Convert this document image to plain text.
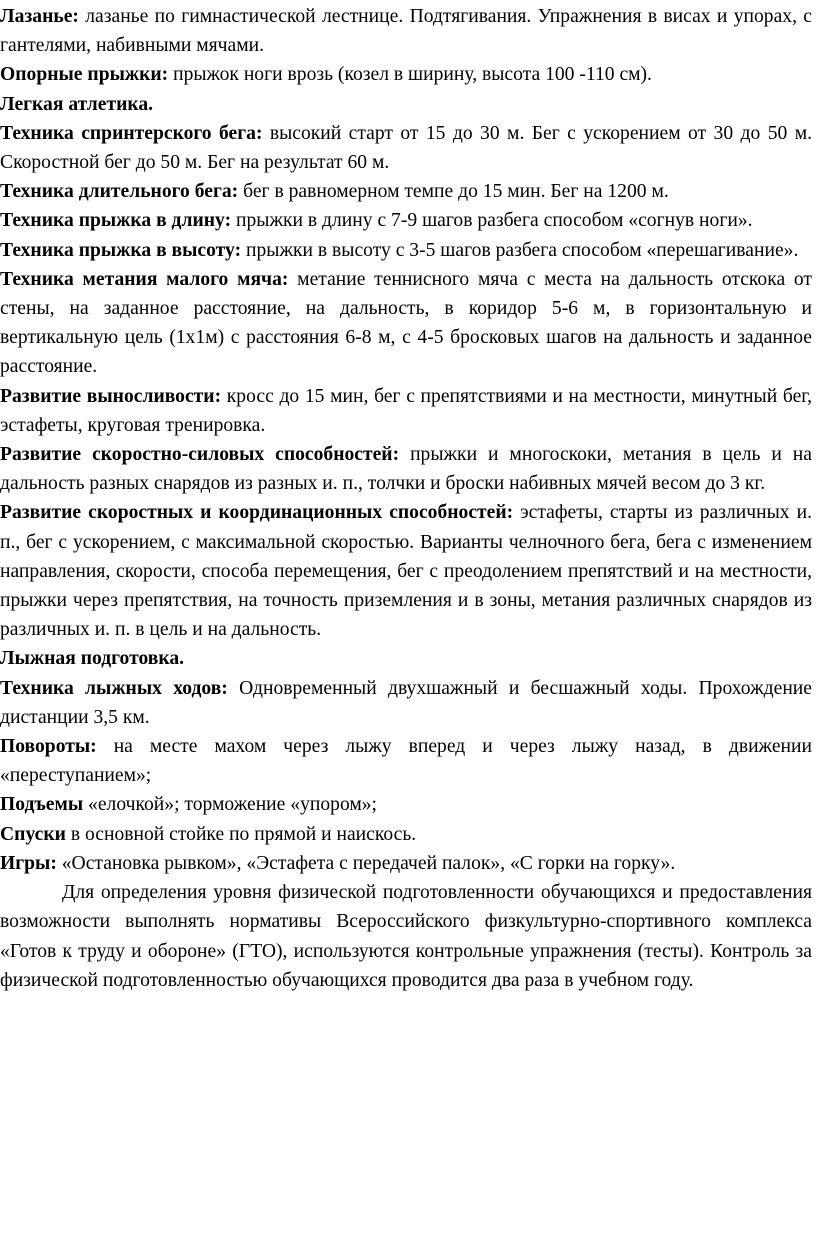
Лазанье: лазанье по гимнастической лестнице. Подтягивания. Упражнения в висах и упорах, с гантелями, набивными мячами.

Опорные прыжки: прыжок ноги врозь (козел в ширину, высота 100 -110 см).

Легкая атлетика.

Техника спринтерского бега: высокий старт от 15 до 30 м. Бег с ускорением от 30 до 50 м. Скоростной бег до 50 м. Бег на результат 60 м.

Техника длительного бега: бег в равномерном темпе до 15 мин. Бег на 1200 м.

Техника прыжка в длину: прыжки в длину с 7-9 шагов разбега способом «согнув ноги».

Техника прыжка в высоту: прыжки в высоту с 3-5 шагов разбега способом «перешагивание».

Техника метания малого мяча: метание теннисного мяча с места на дальность отскока от стены, на заданное расстояние, на дальность, в коридор 5-6 м, в горизонтальную и вертикальную цель (1х1м) с расстояния 6-8 м, с 4-5 бросковых шагов на дальность и заданное расстояние.

Развитие выносливости: кросс до 15 мин, бег с препятствиями и на местности, минутный бег, эстафеты, круговая тренировка.

Развитие скоростно-силовых способностей: прыжки и многоскоки, метания в цель и на дальность разных снарядов из разных и. п., толчки и броски набивных мячей весом до 3 кг.

Развитие скоростных и координационных способностей: эстафеты, старты из различных и. п., бег с ускорением, с максимальной скоростью. Варианты челночного бега, бега с изменением направления, скорости, способа перемещения, бег с преодолением препятствий и на местности, прыжки через препятствия, на точность приземления и в зоны, метания различных снарядов из различных и. п. в цель и на дальность.

Лыжная подготовка.

Техника лыжных ходов: Одновременный двухшажный и бесшажный ходы. Прохождение дистанции 3,5 км.

Повороты: на месте махом через лыжу вперед и через лыжу назад, в движении «переступанием»;

Подъемы «елочкой»; торможение «упором»;

Спуски в основной стойке по прямой и наискось.

Игры: «Остановка рывком», «Эстафета с передачей палок», «С горки на горку».

Для определения уровня физической подготовленности обучающихся и предоставления возможности выполнять нормативы Всероссийского физкультурно-спортивного комплекса «Готов к труду и обороне» (ГТО), используются контрольные упражнения (тесты). Контроль за физической подготовленностью обучающихся проводится два раза в учебном году.
